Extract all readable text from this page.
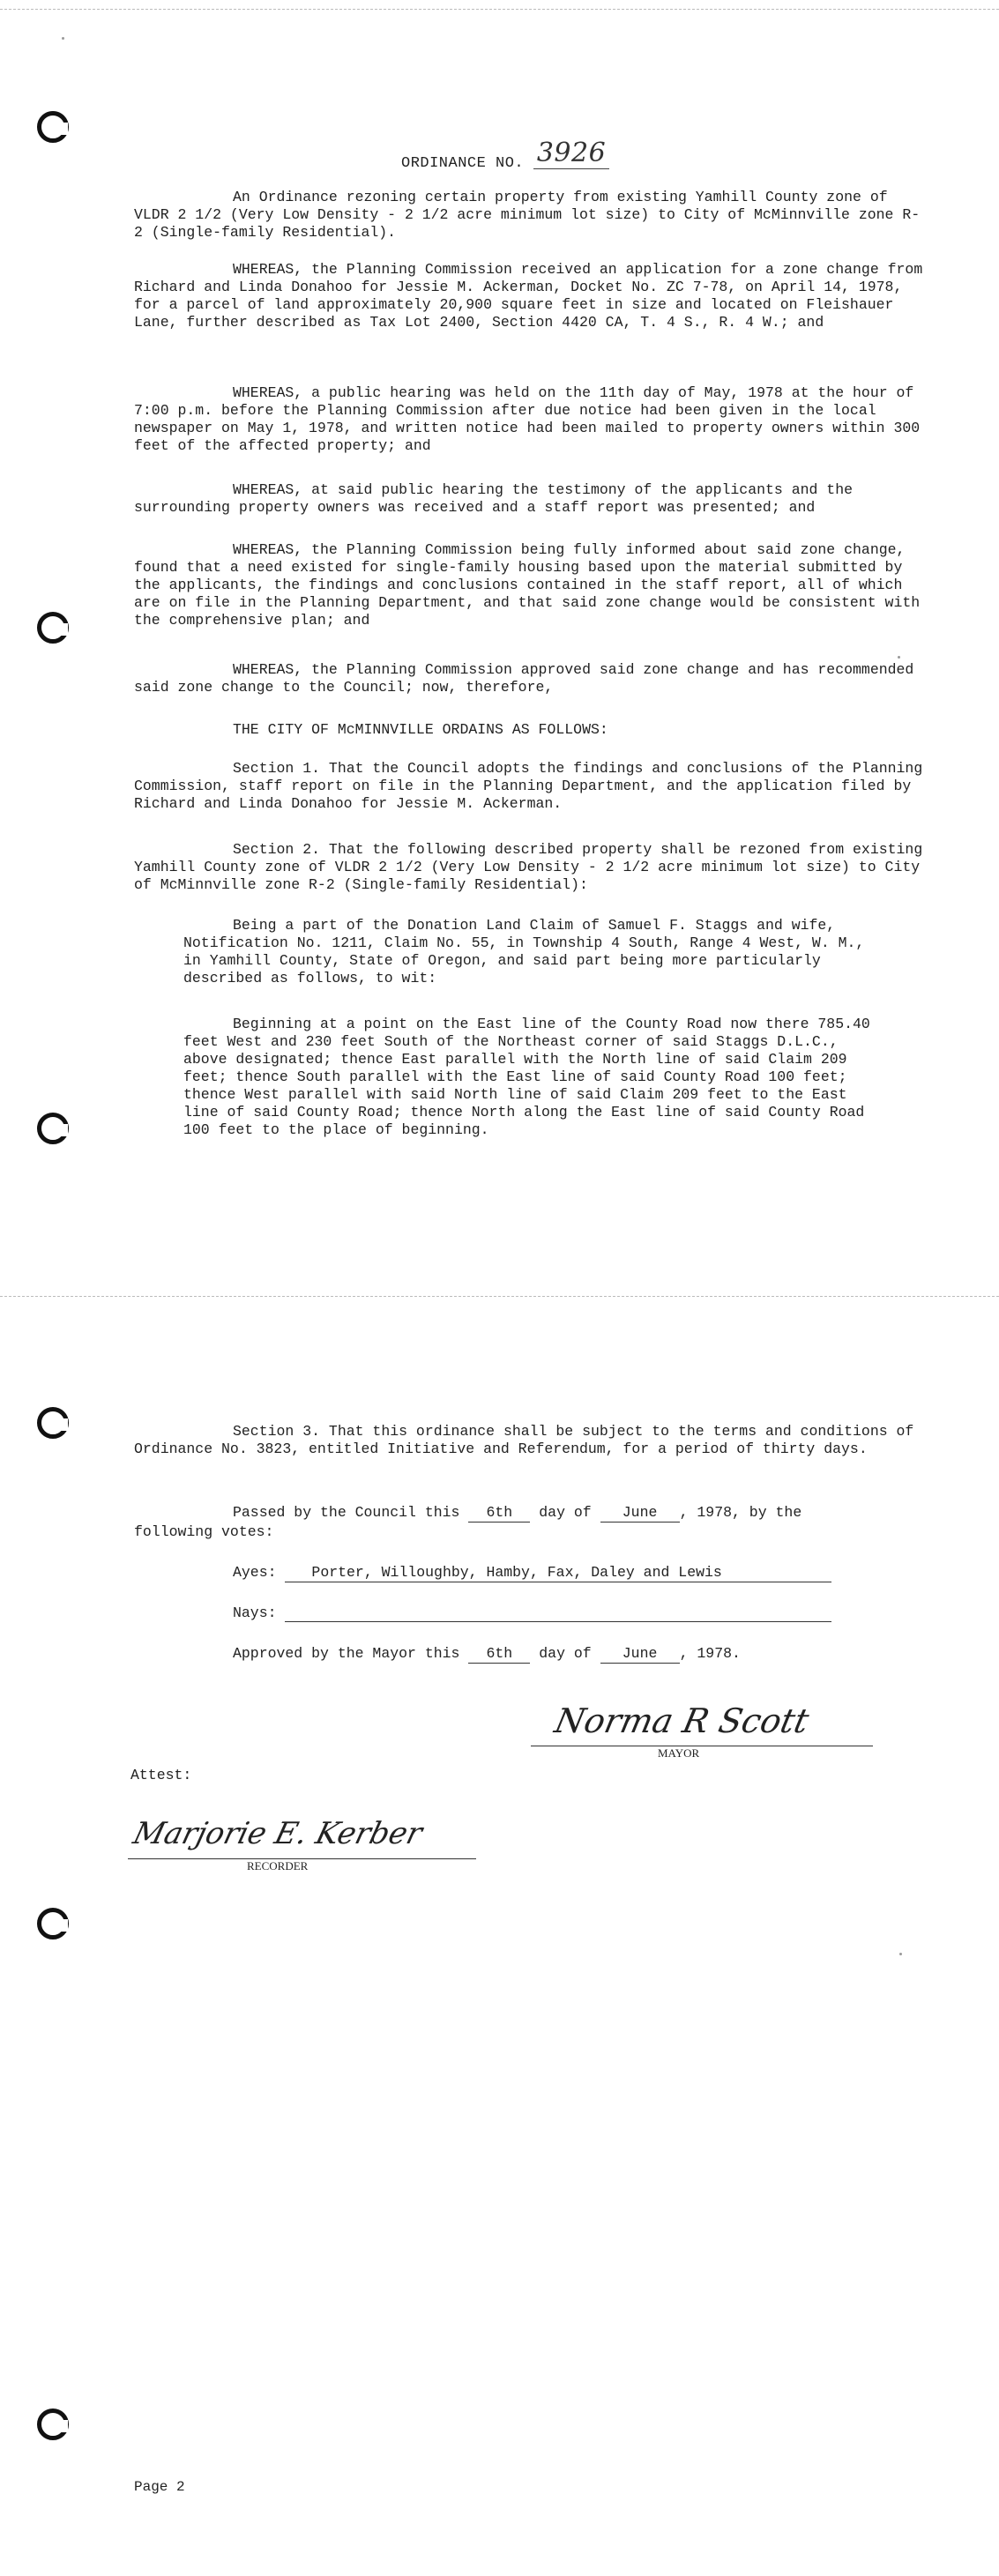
ORDINANCE NO. 3926
An Ordinance rezoning certain property from existing Yamhill County zone of VLDR 2 1/2 (Very Low Density - 2 1/2 acre minimum lot size) to City of McMinnville zone R-2 (Single-family Residential).
WHEREAS, the Planning Commission received an application for a zone change from Richard and Linda Donahoo for Jessie M. Ackerman, Docket No. ZC 7-78, on April 14, 1978, for a parcel of land approximately 20,900 square feet in size and located on Fleishauer Lane, further described as Tax Lot 2400, Section 4420 CA, T. 4 S., R. 4 W.; and
WHEREAS, a public hearing was held on the 11th day of May, 1978 at the hour of 7:00 p.m. before the Planning Commission after due notice had been given in the local newspaper on May 1, 1978, and written notice had been mailed to property owners within 300 feet of the affected property; and
WHEREAS, at said public hearing the testimony of the applicants and the surrounding property owners was received and a staff report was presented; and
WHEREAS, the Planning Commission being fully informed about said zone change, found that a need existed for single-family housing based upon the material submitted by the applicants, the findings and conclusions contained in the staff report, all of which are on file in the Planning Department, and that said zone change would be consistent with the comprehensive plan; and
WHEREAS, the Planning Commission approved said zone change and has recommended said zone change to the Council; now, therefore,
THE CITY OF McMINNVILLE ORDAINS AS FOLLOWS:
Section 1. That the Council adopts the findings and conclusions of the Planning Commission, staff report on file in the Planning Department, and the application filed by Richard and Linda Donahoo for Jessie M. Ackerman.
Section 2. That the following described property shall be rezoned from existing Yamhill County zone of VLDR 2 1/2 (Very Low Density - 2 1/2 acre minimum lot size) to City of McMinnville zone R-2 (Single-family Residential):
Being a part of the Donation Land Claim of Samuel F. Staggs and wife, Notification No. 1211, Claim No. 55, in Township 4 South, Range 4 West, W. M., in Yamhill County, State of Oregon, and said part being more particularly described as follows, to wit:
Beginning at a point on the East line of the County Road now there 785.40 feet West and 230 feet South of the Northeast corner of said Staggs D.L.C., above designated; thence East parallel with the North line of said Claim 209 feet; thence South parallel with the East line of said County Road 100 feet; thence West parallel with said North line of said Claim 209 feet to the East line of said County Road; thence North along the East line of said County Road 100 feet to the place of beginning.
Section 3. That this ordinance shall be subject to the terms and conditions of Ordinance No. 3823, entitled Initiative and Referendum, for a period of thirty days.
Passed by the Council this 6th day of June , 1978, by the
following votes:
Ayes: Porter, Willoughby, Hamby, Fax, Daley and Lewis
Nays:
Approved by the Mayor this 6th day of June , 1978.
Norma R Scott
MAYOR
Attest:
Marjorie E. Kerber
RECORDER
Page 2
